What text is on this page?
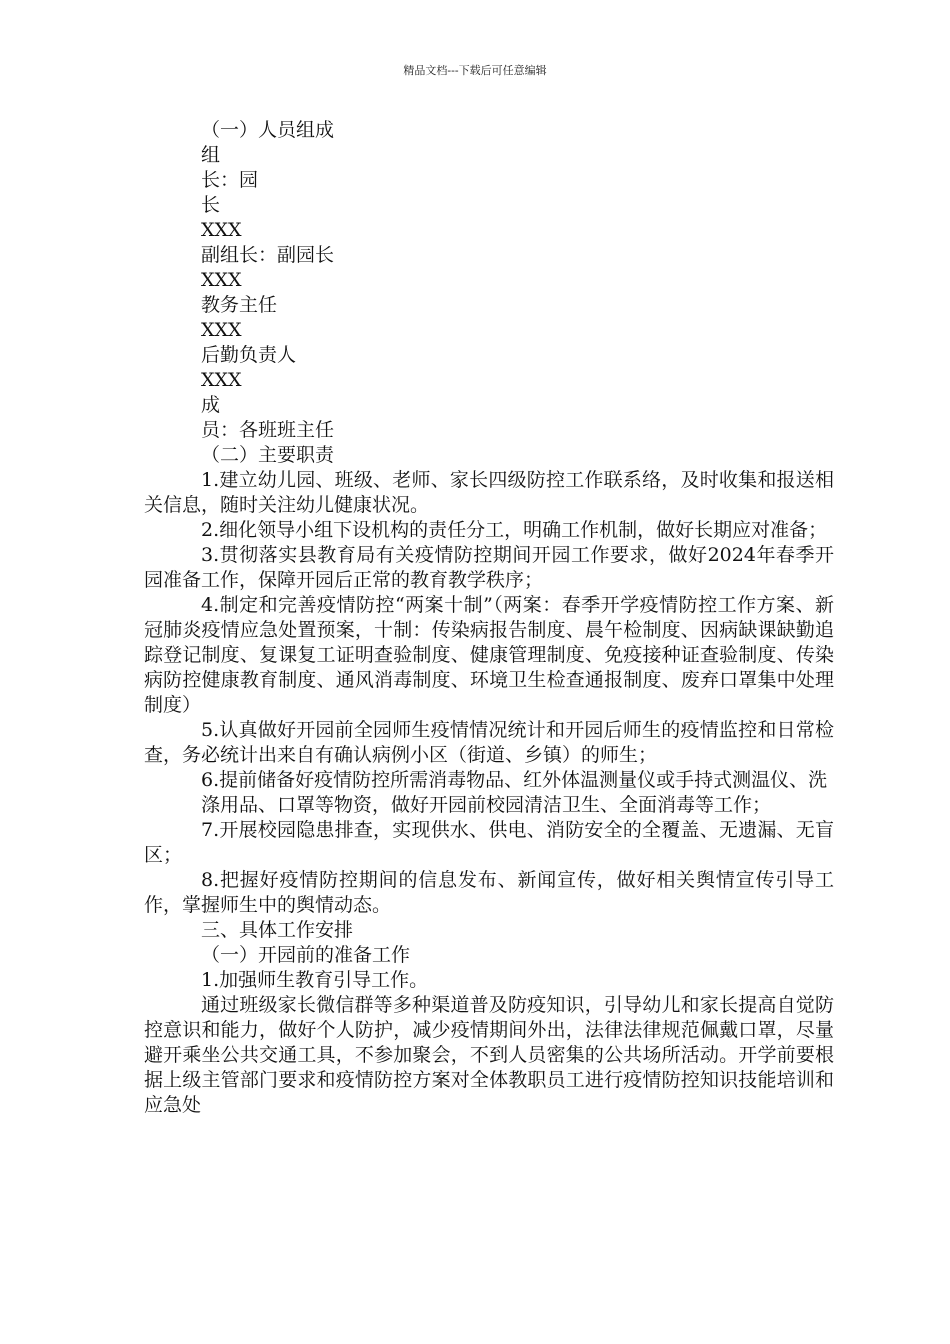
精品文档---下载后可任意编辑
（一）人员组成
组
长：园
长
XXX
副组长：副园长
XXX
教务主任
XXX
后勤负责人
XXX
成
员：各班班主任
（二）主要职责
1.建立幼儿园、班级、老师、家长四级防控工作联系络，及时收集和报送相关信息，随时关注幼儿健康状况。
2.细化领导小组下设机构的责任分工，明确工作机制，做好长期应对准备；
3.贯彻落实县教育局有关疫情防控期间开园工作要求，做好2024年春季开园准备工作，保障开园后正常的教育教学秩序；
4.制定和完善疫情防控“两案十制”（两案：春季开学疫情防控工作方案、新冠肺炎疫情应急处置预案，十制：传染病报告制度、晨午检制度、因病缺课缺勤追踪登记制度、复课复工证明查验制度、健康管理制度、免疫接种证查验制度、传染病防控健康教育制度、通风消毒制度、环境卫生检查通报制度、废弃口罩集中处理制度）
5.认真做好开园前全园师生疫情情况统计和开园后师生的疫情监控和日常检查，务必统计出来自有确认病例小区（街道、乡镇）的师生；
6.提前储备好疫情防控所需消毒物品、红外体温测量仪或手持式测温仪、洗
涤用品、口罩等物资，做好开园前校园清洁卫生、全面消毒等工作；
7.开展校园隐患排查，实现供水、供电、消防安全的全覆盖、无遗漏、无盲区；
8.把握好疫情防控期间的信息发布、新闻宣传，做好相关舆情宣传引导工作，掌握师生中的舆情动态。
三、具体工作安排
（一）开园前的准备工作
1.加强师生教育引导工作。
通过班级家长微信群等多种渠道普及防疫知识，引导幼儿和家长提高自觉防控意识和能力，做好个人防护，减少疫情期间外出，法律法律规范佩戴口罩，尽量避开乘坐公共交通工具，不参加聚会，不到人员密集的公共场所活动。开学前要根据上级主管部门要求和疫情防控方案对全体教职员工进行疫情防控知识技能培训和应急处
